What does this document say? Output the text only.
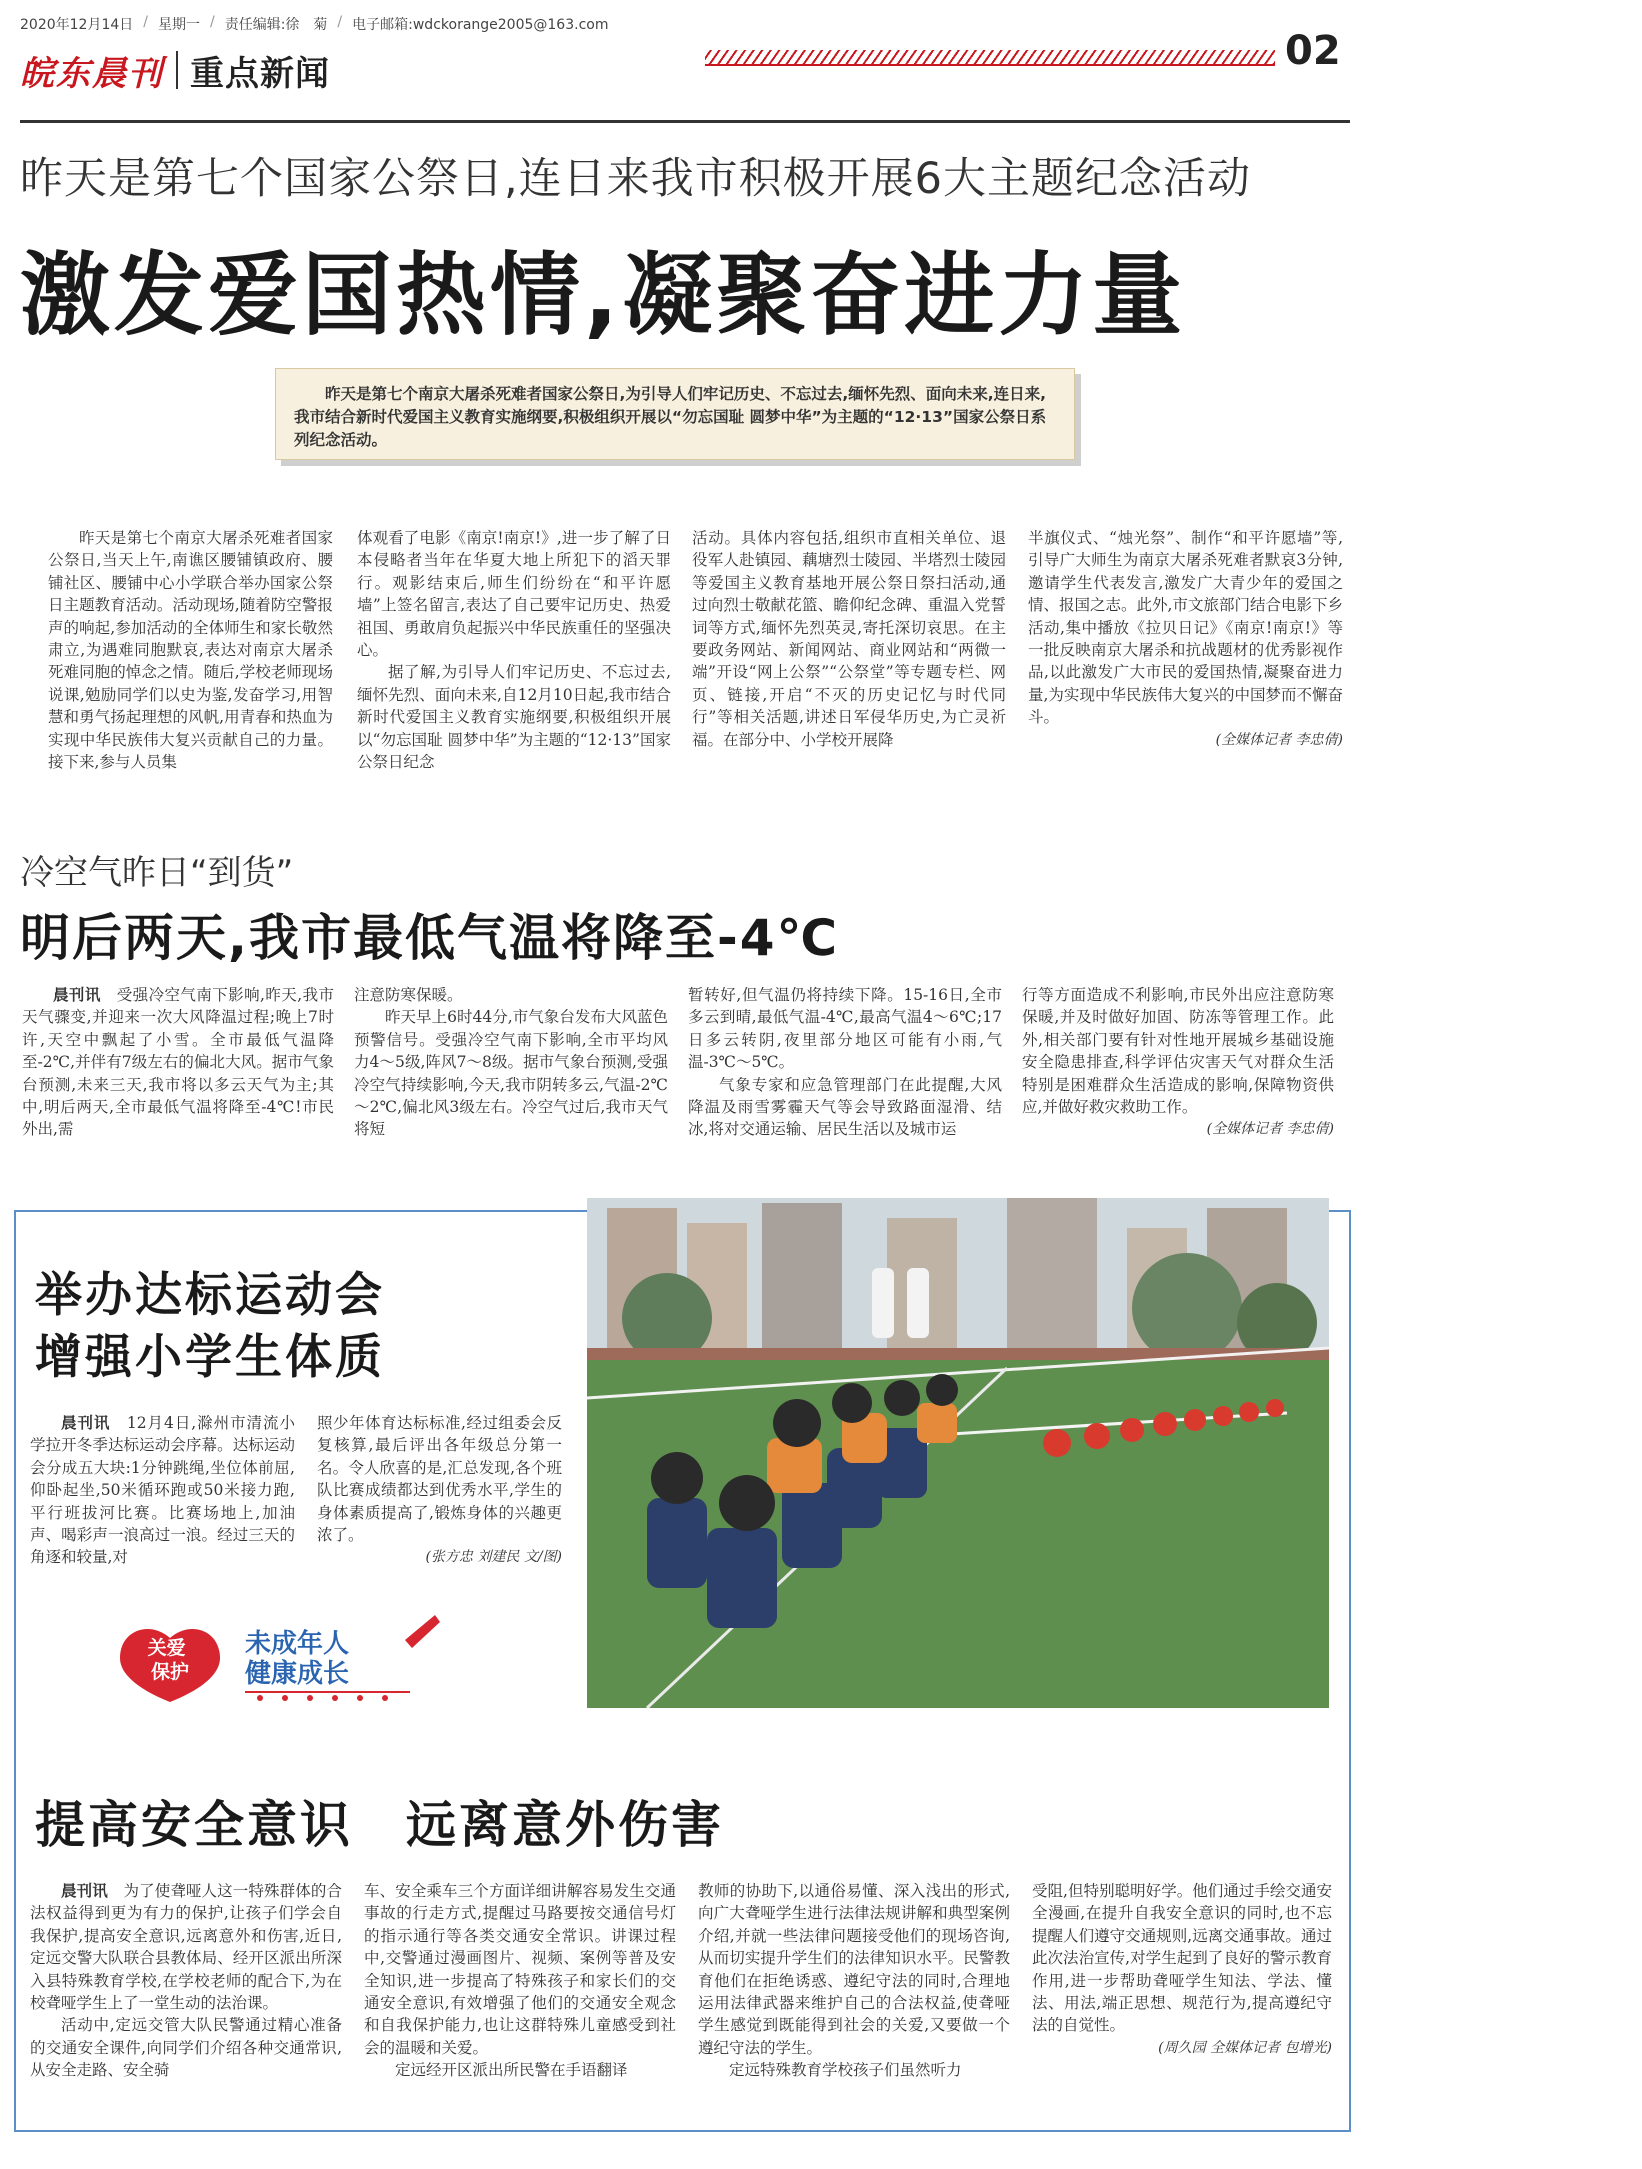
2020年12月14日 / 星期一 / 责任编辑:徐　菊 / 电子邮箱:wdckorange2005@163.com
皖东晨刊 重点新闻	02
昨天是第七个国家公祭日,连日来我市积极开展6大主题纪念活动
激发爱国热情,凝聚奋进力量
昨天是第七个南京大屠杀死难者国家公祭日,为引导人们牢记历史、不忘过去,缅怀先烈、面向未来,连日来,我市结合新时代爱国主义教育实施纲要,积极组织开展以“勿忘国耻 圆梦中华”为主题的“12·13”国家公祭日系列纪念活动。

昨天是第七个南京大屠杀死难者国家公祭日,当天上午,南谯区腰铺镇政府、腰铺社区、腰铺中心小学联合举办国家公祭日主题教育活动。活动现场,随着防空警报声的响起,参加活动的全体师生和家长敬然肃立,为遇难同胞默哀,表达对南京大屠杀死难同胞的悼念之情。随后,学校老师现场说课,勉励同学们以史为鉴,发奋学习,用智慧和勇气扬起理想的风帆,用青春和热血为实现中华民族伟大复兴贡献自己的力量。接下来,参与人员集

体观看了电影《南京!南京!》,进一步了解了日本侵略者当年在华夏大地上所犯下的滔天罪行。观影结束后,师生们纷纷在“和平许愿墙”上签名留言,表达了自己要牢记历史、热爱祖国、勇敢肩负起振兴中华民族重任的坚强决心。

据了解,为引导人们牢记历史、不忘过去,缅怀先烈、面向未来,自12月10日起,我市结合新时代爱国主义教育实施纲要,积极组织开展以“勿忘国耻 圆梦中华”为主题的“12·13”国家公祭日纪念

活动。具体内容包括,组织市直相关单位、退役军人赴镇园、藕塘烈士陵园、半塔烈士陵园等爱国主义教育基地开展公祭日祭扫活动,通过向烈士敬献花篮、瞻仰纪念碑、重温入党誓词等方式,缅怀先烈英灵,寄托深切哀思。在主要政务网站、新闻网站、商业网站和“两微一端”开设“网上公祭”“公祭堂”等专题专栏、网页、链接,开启“不灭的历史记忆与时代同行”等相关活题,讲述日军侵华历史,为亡灵祈福。在部分中、小学校开展降

半旗仪式、“烛光祭”、制作“和平许愿墙”等,引导广大师生为南京大屠杀死难者默哀3分钟,邀请学生代表发言,激发广大青少年的爱国之情、报国之志。此外,市文旅部门结合电影下乡活动,集中播放《拉贝日记》《南京!南京!》等一批反映南京大屠杀和抗战题材的优秀影视作品,以此激发广大市民的爱国热情,凝聚奋进力量,为实现中华民族伟大复兴的中国梦而不懈奋斗。

(全媒体记者 李忠倩)

冷空气昨日“到货”
明后两天,我市最低气温将降至-4℃

晨刊讯　 受强冷空气南下影响,昨天,我市天气骤变,并迎来一次大风降温过程;晚上7时许,天空中飘起了小雪。全市最低气温降至-2℃,并伴有7级左右的偏北大风。据市气象台预测,未来三天,我市将以多云天气为主;其中,明后两天,全市最低气温将降至-4℃!市民外出,需

注意防寒保暖。

昨天早上6时44分,市气象台发布大风蓝色预警信号。受强冷空气南下影响,全市平均风力4～5级,阵风7～8级。据市气象台预测,受强冷空气持续影响,今天,我市阴转多云,气温-2℃～2℃,偏北风3级左右。冷空气过后,我市天气将短

暂转好,但气温仍将持续下降。15-16日,全市多云到晴,最低气温-4℃,最高气温4～6℃;17日多云转阴,夜里部分地区可能有小雨,气温-3℃～5℃。

气象专家和应急管理部门在此提醒,大风降温及雨雪雾霾天气等会导致路面湿滑、结冰,将对交通运输、居民生活以及城市运

行等方面造成不利影响,市民外出应注意防寒保暖,并及时做好加固、防冻等管理工作。此外,相关部门要有针对性地开展城乡基础设施安全隐患排查,科学评估灾害天气对群众生活特别是困难群众生活造成的影响,保障物资供应,并做好救灾救助工作。

(全媒体记者 李忠倩)

举办达标运动会
增强小学生体质

晨刊讯　 12月4日,滁州市清流小学拉开冬季达标运动会序幕。达标运动会分成五大块:1分钟跳绳,坐位体前屈,仰卧起坐,50米循环跑或50米接力跑,平行班拔河比赛。比赛场地上,加油声、喝彩声一浪高过一浪。经过三天的角逐和较量,对

照少年体育达标标准,经过组委会反复核算,最后评出各年级总分第一名。令人欣喜的是,汇总发现,各个班队比赛成绩都达到优秀水平,学生的身体素质提高了,锻炼身体的兴趣更浓了。

(张方忠 刘建民 文/图)

关爱 保护
未成年人
健康成长
提高安全意识　远离意外伤害

晨刊讯　 为了使聋哑人这一特殊群体的合法权益得到更为有力的保护,让孩子们学会自我保护,提高安全意识,远离意外和伤害,近日,定远交警大队联合县教体局、经开区派出所深入县特殊教育学校,在学校老师的配合下,为在校聋哑学生上了一堂生动的法治课。

活动中,定远交管大队民警通过精心准备的交通安全课件,向同学们介绍各种交通常识,从安全走路、安全骑

车、安全乘车三个方面详细讲解容易发生交通事故的行走方式,提醒过马路要按交通信号灯的指示通行等各类交通安全常识。讲课过程中,交警通过漫画图片、视频、案例等普及安全知识,进一步提高了特殊孩子和家长们的交通安全意识,有效增强了他们的交通安全观念和自我保护能力,也让这群特殊儿童感受到社会的温暖和关爱。

定远经开区派出所民警在手语翻译

教师的协助下,以通俗易懂、深入浅出的形式,向广大聋哑学生进行法律法规讲解和典型案例介绍,并就一些法律问题接受他们的现场咨询,从而切实提升学生们的法律知识水平。民警教育他们在拒绝诱惑、遵纪守法的同时,合理地运用法律武器来维护自己的合法权益,使聋哑学生感觉到既能得到社会的关爱,又要做一个遵纪守法的学生。

定远特殊教育学校孩子们虽然听力

受阻,但特别聪明好学。他们通过手绘交通安全漫画,在提升自我安全意识的同时,也不忘提醒人们遵守交通规则,远离交通事故。通过此次法治宣传,对学生起到了良好的警示教育作用,进一步帮助聋哑学生知法、学法、懂法、用法,端正思想、规范行为,提高遵纪守法的自觉性。

(周久园 全媒体记者 包增光)
